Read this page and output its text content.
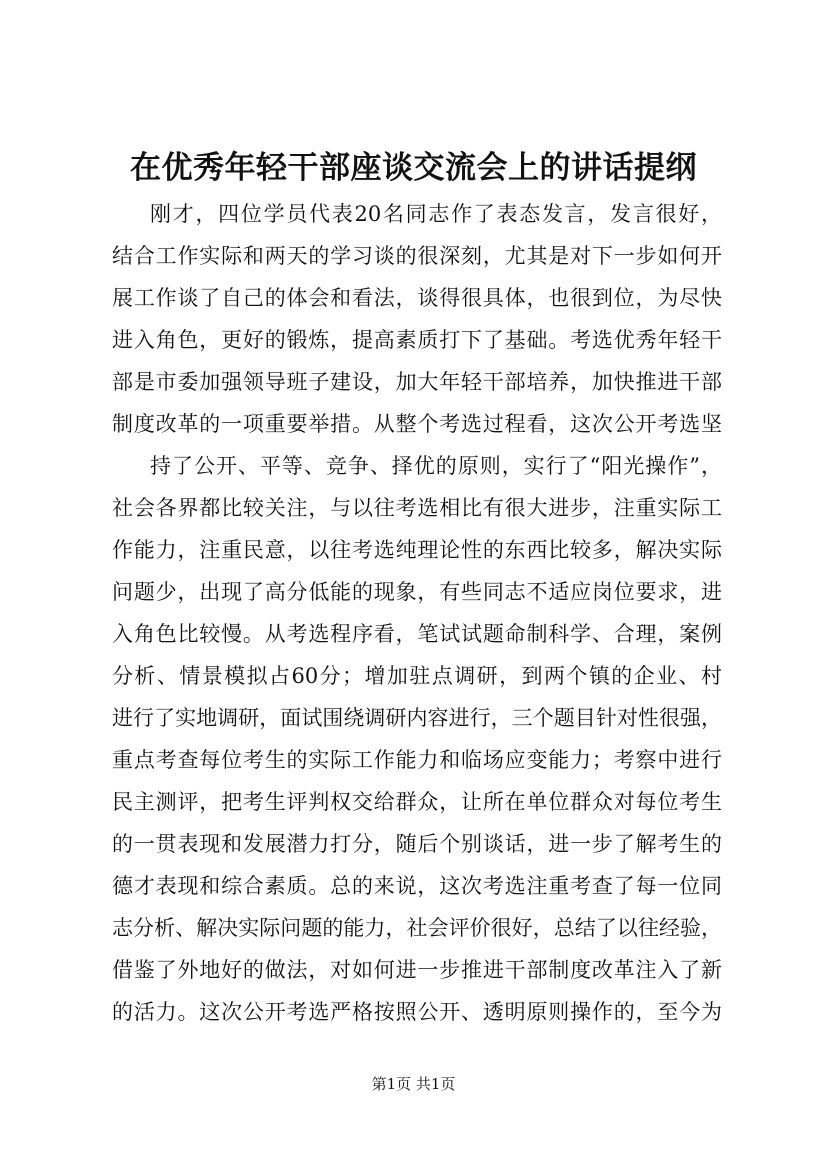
在优秀年轻干部座谈交流会上的讲话提纲
刚才，四位学员代表20名同志作了表态发言，发言很好，
结合工作实际和两天的学习谈的很深刻，尤其是对下一步如何开
展工作谈了自己的体会和看法，谈得很具体，也很到位，为尽快
进入角色，更好的锻炼，提高素质打下了基础。考选优秀年轻干
部是市委加强领导班子建设，加大年轻干部培养，加快推进干部
制度改革的一项重要举措。从整个考选过程看，这次公开考选坚
持了公开、平等、竞争、择优的原则，实行了“阳光操作”，
社会各界都比较关注，与以往考选相比有很大进步，注重实际工
作能力，注重民意，以往考选纯理论性的东西比较多，解决实际
问题少，出现了高分低能的现象，有些同志不适应岗位要求，进
入角色比较慢。从考选程序看，笔试试题命制科学、合理，案例
分析、情景模拟占60分；增加驻点调研，到两个镇的企业、村
进行了实地调研，面试围绕调研内容进行，三个题目针对性很强，
重点考查每位考生的实际工作能力和临场应变能力；考察中进行
民主测评，把考生评判权交给群众，让所在单位群众对每位考生
的一贯表现和发展潜力打分，随后个别谈话，进一步了解考生的
德才表现和综合素质。总的来说，这次考选注重考查了每一位同
志分析、解决实际问题的能力，社会评价很好，总结了以往经验，
借鉴了外地好的做法，对如何进一步推进干部制度改革注入了新
的活力。这次公开考选严格按照公开、透明原则操作的，至今为
第1页 共1页
